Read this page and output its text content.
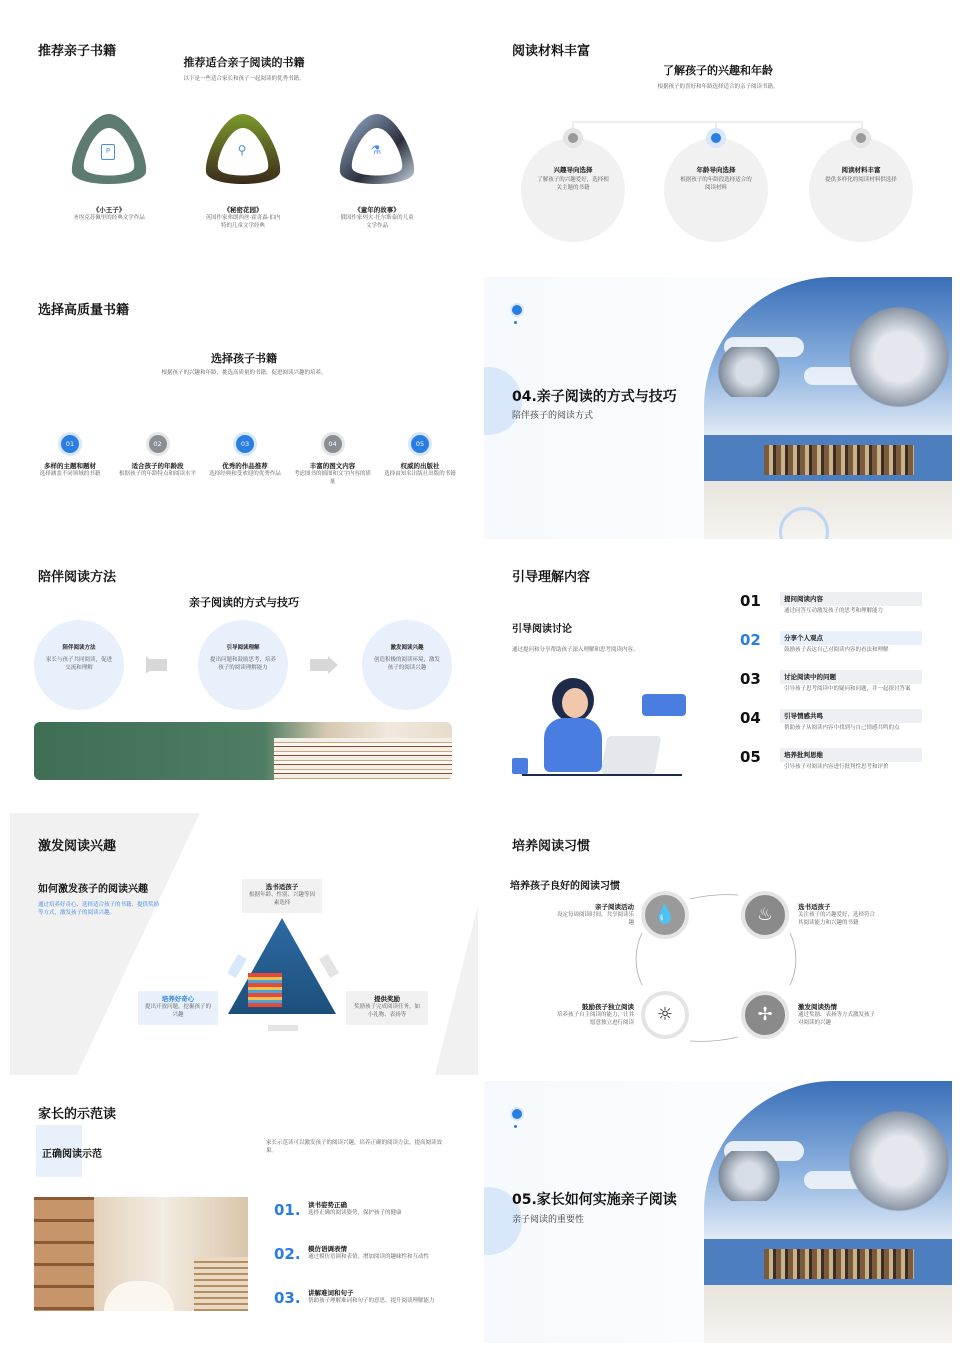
推荐亲子书籍
推荐适合亲子阅读的书籍
以下是一些适合家长和孩子一起阅读的优秀书籍。
P
《小王子》
圣埃克苏佩里的经典文学作品
⚲
《秘密花园》
英国作家弗朗西丝·霍奇森·伯内特的儿童文学经典
⚗
《童年的故事》
俄国作家列夫·托尔斯泰的儿童文学作品
阅读材料丰富
了解孩子的兴趣和年龄
根据孩子的喜好和年龄选择适合的亲子阅读书籍。
兴趣导向选择
了解孩子的兴趣爱好，选择相关主题的书籍
年龄导向选择
根据孩子的年龄段选择适合的阅读材料
阅读材料丰富
提供多样化的阅读材料供选择
选择高质量书籍
选择孩子书籍
根据孩子的兴趣和年龄，挑选高质量的书籍，促进阅读兴趣的培养。
01
多样的主题和题材
选择涵盖不同领域的书籍
02
适合孩子的年龄段
根据孩子的年龄特点和阅读水平
03
优秀的作品推荐
选择经典和受欢迎的优秀作品
04
丰富的图文内容
考虑图书的插图和文字内容的质量
05
权威的出版社
选择由知名出版社出版的书籍
04.亲子阅读的方式与技巧
陪伴孩子的阅读方式
陪伴阅读方法
亲子阅读的方式与技巧
陪伴阅读方法
家长与孩子共同阅读，促进交流和理解
引导阅读理解
提出问题和鼓励思考，培养孩子的阅读理解能力
激发阅读兴趣
创造积极的阅读环境，激发孩子的阅读兴趣
引导理解内容
引导阅读讨论
通过提问和分享帮助孩子深入理解和思考阅读内容。
01	提问阅读内容
通过问答互动激发孩子的思考和理解能力
02	分享个人观点
鼓励孩子表达自己对阅读内容的看法和理解
03	讨论阅读中的问题
引导孩子思考阅读中的疑问和问题，并一起探讨答案
04	引导情感共鸣
帮助孩子从阅读内容中找到与自己情感共鸣的点
05	培养批判思维
引导孩子对阅读内容进行批判性思考和评价
激发阅读兴趣
如何激发孩子的阅读兴趣
通过培养好奇心、选择适合孩子的书籍、提供奖励等方式，激发孩子的阅读兴趣。
选书适孩子
根据年龄、性别、兴趣等因素选择
培养好奇心
提出开放问题，挖掘孩子的兴趣
提供奖励
奖励孩子完成阅读任务，如小礼物、表扬等
培养阅读习惯
培养孩子良好的阅读习惯
💧	♨
☼	✢
亲子阅读活动
设定每周阅读时间，共享阅读乐趣
选书适孩子
关注孩子的兴趣爱好，选择符合其阅读能力和兴趣的书籍
鼓励孩子独立阅读
培养孩子自主阅读的能力，让其愿意独立进行阅读
激发阅读热情
通过奖励、表扬等方式激发孩子对阅读的兴趣
家长的示范读
正确阅读示范
家长示范读可以激发孩子的阅读兴趣，培养正确的阅读方法，提高阅读效果。
01.	读书姿势正确
选择正确的阅读姿势，保护孩子的健康
02.	模仿语调表情
通过模仿语调和表情，增加阅读的趣味性和互动性
03.	讲解难词和句子
帮助孩子理解难词和句子的意思，提升阅读理解能力
05.家长如何实施亲子阅读
亲子阅读的重要性
